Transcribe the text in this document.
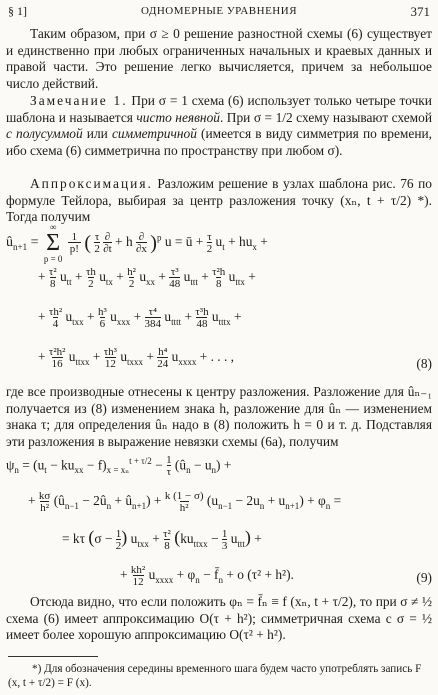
§ 1]	ОДНОМЕРНЫЕ УРАВНЕНИЯ	371
Таким образом, при σ ≥ 0 решение разностной схемы (6) существует и единственно при любых ограниченных начальных и краевых данных и правой части. Это решение легко вычисляется, причем за небольшое число действий.
Замечание 1. При σ = 1 схема (6) использует только четыре точки шаблона и называется чисто неявной. При σ = 1/2 схему называют схемой с полусуммой или симметричной (имеется в виду симметрия по времени, ибо схема (6) симметрична по пространству при любом σ).
Аппроксимация. Разложим решение в узлах шаблона рис. 76 по формуле Тейлора, выбирая за центр разложения точку (xₙ, t + τ/2) *). Тогда получим
$û_{n+1}$ = ∞
Σ
p = 0 1
p! ( τ
2 ∂
∂t + h ∂
∂x )$^p$ u = ū + τ
2 $u_t + hu_x$ +
+ τ²
8 $u_{tt} + \tau h$
2 $u_{tx} + h^2$
2 $u_{xx} + \tau^3$
48 $u_{ttt} + \tau^2h$
8 $u_{ttx}$ +
+ τh²
4 $u_{txx} + h^3$
6 $u_{xxx} + \tau^4$
384 $u_{tttt} + \tau^3h$
48 $u_{tttx}$ +
+ τ²h²
16 $u_{ttxx} + \tau h^3$
12 $u_{txxx} + h^4$
24 $u_{xxxx}$ + . . . ,	(8)
где все производные отнесены к центру разложения. Разложение для ûₙ₋₁ получается из (8) изменением знака h, разложение для ûₙ — изменением знака τ; для определения ûₙ надо в (8) положить h = 0 и т. д. Подставляя эти разложения в выражение невязки схемы (6а), получим
$\psi_n = (u_t - ku_{xx} - f)_{x = x_n}^{t + \tau/2} - 1$
τ $(û_n - u_n)$ +
+ kσ
h² ($û_{n-1}$ − $2û_n$ + $û_{n+1}) + k$ (1 − σ)
h² $(u_{n-1} - 2u_n + u_{n+1}) + \varphi_n$ =
= kτ (σ − 1
2) $u_{txx} + \tau^2$
8 ($ku_{ttxx} - 1$
3 $u_{ttt}$) +
+ kh²
12 $u_{xxxx} + \varphi_n$ − $f̄_n + o$ (τ² + h²).	(9)
Отсюда видно, что если положить φₙ = f̄ₙ ≡ f (xₙ, t + τ/2), то при σ ≠ ½ схема (6) имеет аппроксимацию O(τ + h²); симметричная схема с σ = ½ имеет более хорошую аппроксимацию O(τ² + h²).
*) Для обозначения середины временного шага будем часто употреблять запись F (x, t + τ/2) = F (x).
